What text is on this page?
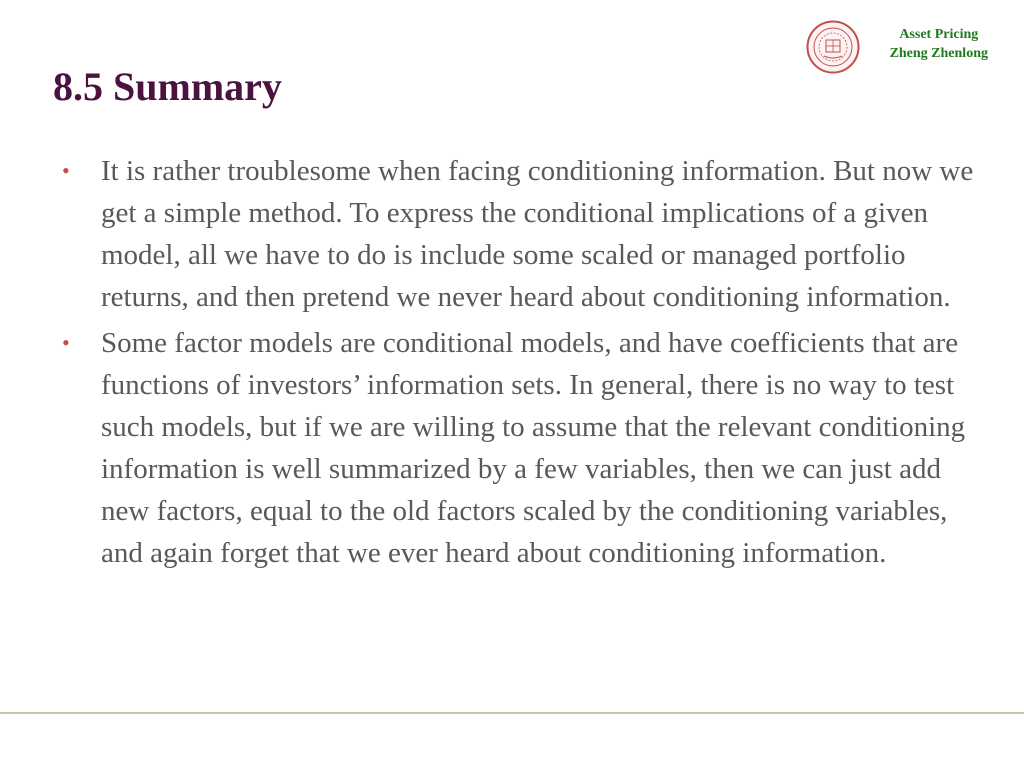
Asset Pricing
Zheng Zhenlong
8.5 Summary
• It is rather troublesome when facing conditioning information. But now we get a simple method. To express the conditional implications of a given model, all we have to do is include some scaled or managed portfolio returns, and then pretend we never heard about conditioning information.
• Some factor models are conditional models, and have coefficients that are functions of investors’ information sets. In general, there is no way to test such models, but if we are willing to assume that the relevant conditioning information is well summarized by a few variables, then we can just add new factors, equal to the old factors scaled by the conditioning variables, and again forget that we ever heard about conditioning information.
